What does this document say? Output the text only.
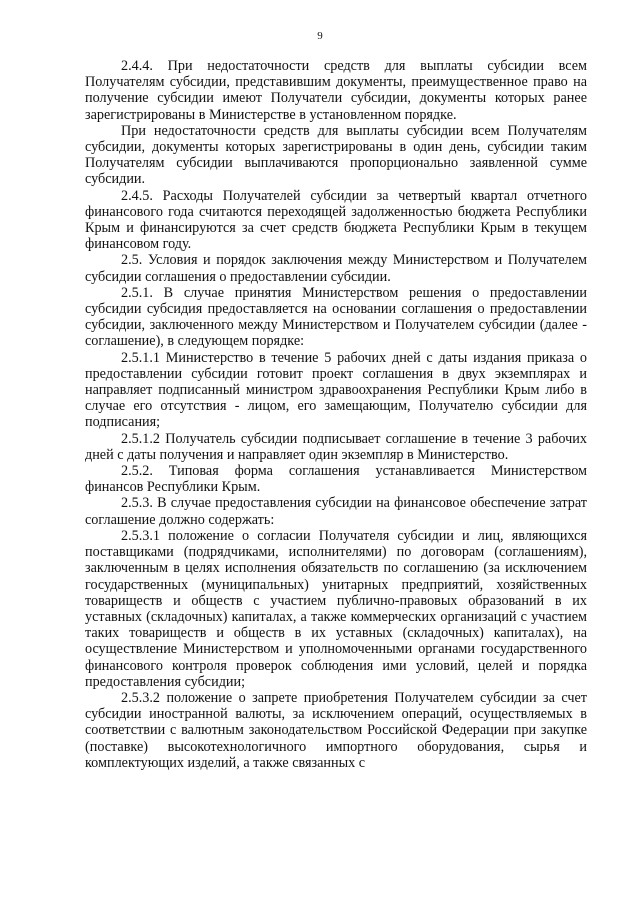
9

2.4.4. При недостаточности средств для выплаты субсидии всем Получателям субсидии, представившим документы, преимущественное право на получение субсидии имеют Получатели субсидии, документы которых ранее зарегистрированы в Министерстве в установленном порядке.

При недостаточности средств для выплаты субсидии всем Получателям субсидии, документы которых зарегистрированы в один день, субсидии таким Получателям субсидии выплачиваются пропорционально заявленной сумме субсидии.

2.4.5. Расходы Получателей субсидии за четвертый квартал отчетного финансового года считаются переходящей задолженностью бюджета Республики Крым и финансируются за счет средств бюджета Республики Крым в текущем финансовом году.

2.5. Условия и порядок заключения между Министерством и Получателем субсидии соглашения о предоставлении субсидии.

2.5.1. В случае принятия Министерством решения о предоставлении субсидии субсидия предоставляется на основании соглашения о предоставлении субсидии, заключенного между Министерством и Получателем субсидии (далее - соглашение), в следующем порядке:

2.5.1.1 Министерство в течение 5 рабочих дней с даты издания приказа о предоставлении субсидии готовит проект соглашения в двух экземплярах и направляет подписанный министром здравоохранения Республики Крым либо в случае его отсутствия - лицом, его замещающим, Получателю субсидии для подписания;

2.5.1.2 Получатель субсидии подписывает соглашение в течение 3 рабочих дней с даты получения и направляет один экземпляр в Министерство.

2.5.2. Типовая форма соглашения устанавливается Министерством финансов Республики Крым.

2.5.3. В случае предоставления субсидии на финансовое обеспечение затрат соглашение должно содержать:

2.5.3.1 положение о согласии Получателя субсидии и лиц, являющихся поставщиками (подрядчиками, исполнителями) по договорам (соглашениям), заключенным в целях исполнения обязательств по соглашению (за исключением государственных (муниципальных) унитарных предприятий, хозяйственных товариществ и обществ с участием публично-правовых образований в их уставных (складочных) капиталах, а также коммерческих организаций с участием таких товариществ и обществ в их уставных (складочных) капиталах), на осуществление Министерством и уполномоченными органами государственного финансового контроля проверок соблюдения ими условий, целей и порядка предоставления субсидии;

2.5.3.2 положение о запрете приобретения Получателем субсидии за счет субсидии иностранной валюты, за исключением операций, осуществляемых в соответствии с валютным законодательством Российской Федерации при закупке (поставке) высокотехнологичного импортного оборудования, сырья и комплектующих изделий, а также связанных с
